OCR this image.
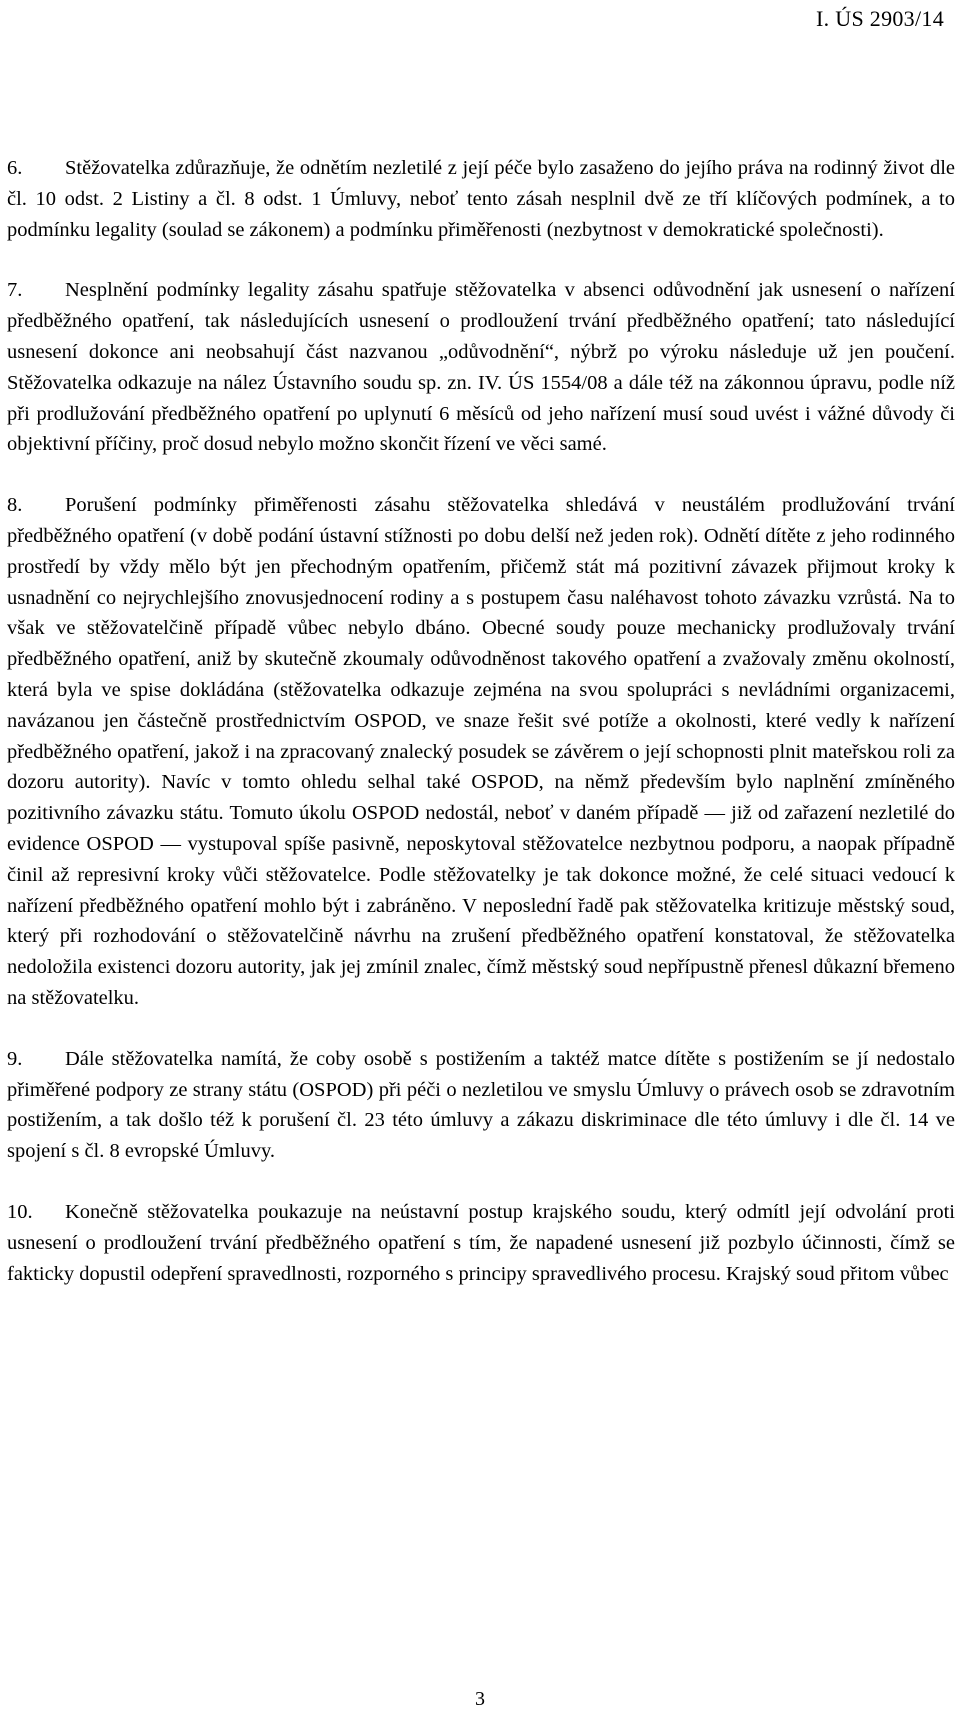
I. ÚS 2903/14

6. Stěžovatelka zdůrazňuje, že odnětím nezletilé z její péče bylo zasaženo do jejího práva na rodinný život dle čl. 10 odst. 2 Listiny a čl. 8 odst. 1 Úmluvy, neboť tento zásah nesplnil dvě ze tří klíčových podmínek, a to podmínku legality (soulad se zákonem) a podmínku přiměřenosti (nezbytnost v demokratické společnosti).

7. Nesplnění podmínky legality zásahu spatřuje stěžovatelka v absenci odůvodnění jak usnesení o nařízení předběžného opatření, tak následujících usnesení o prodloužení trvání předběžného opatření; tato následující usnesení dokonce ani neobsahují část nazvanou „odůvodnění“, nýbrž po výroku následuje už jen poučení. Stěžovatelka odkazuje na nález Ústavního soudu sp. zn. IV. ÚS 1554/08 a dále též na zákonnou úpravu, podle níž při prodlužování předběžného opatření po uplynutí 6 měsíců od jeho nařízení musí soud uvést i vážné důvody či objektivní příčiny, proč dosud nebylo možno skončit řízení ve věci samé.

8. Porušení podmínky přiměřenosti zásahu stěžovatelka shledává v neustálém prodlužování trvání předběžného opatření (v době podání ústavní stížnosti po dobu delší než jeden rok). Odnětí dítěte z jeho rodinného prostředí by vždy mělo být jen přechodným opatřením, přičemž stát má pozitivní závazek přijmout kroky k usnadnění co nejrychlejšího znovusjednocení rodiny a s postupem času naléhavost tohoto závazku vzrůstá. Na to však ve stěžovatelčině případě vůbec nebylo dbáno. Obecné soudy pouze mechanicky prodlužovaly trvání předběžného opatření, aniž by skutečně zkoumaly odůvodněnost takového opatření a zvažovaly změnu okolností, která byla ve spise dokládána (stěžovatelka odkazuje zejména na svou spolupráci s nevládními organizacemi, navázanou jen částečně prostřednictvím OSPOD, ve snaze řešit své potíže a okolnosti, které vedly k nařízení předběžného opatření, jakož i na zpracovaný znalecký posudek se závěrem o její schopnosti plnit mateřskou roli za dozoru autority). Navíc v tomto ohledu selhal také OSPOD, na němž především bylo naplnění zmíněného pozitivního závazku státu. Tomuto úkolu OSPOD nedostál, neboť v daném případě — již od zařazení nezletilé do evidence OSPOD — vystupoval spíše pasivně, neposkytoval stěžovatelce nezbytnou podporu, a naopak případně činil až represivní kroky vůči stěžovatelce. Podle stěžovatelky je tak dokonce možné, že celé situaci vedoucí k nařízení předběžného opatření mohlo být i zabráněno. V neposlední řadě pak stěžovatelka kritizuje městský soud, který při rozhodování o stěžovatelčině návrhu na zrušení předběžného opatření konstatoval, že stěžovatelka nedoložila existenci dozoru autority, jak jej zmínil znalec, čímž městský soud nepřípustně přenesl důkazní břemeno na stěžovatelku.

9. Dále stěžovatelka namítá, že coby osobě s postižením a taktéž matce dítěte s postižením se jí nedostalo přiměřené podpory ze strany státu (OSPOD) při péči o nezletilou ve smyslu Úmluvy o právech osob se zdravotním postižením, a tak došlo též k porušení čl. 23 této úmluvy a zákazu diskriminace dle této úmluvy i dle čl. 14 ve spojení s čl. 8 evropské Úmluvy.

10. Konečně stěžovatelka poukazuje na neústavní postup krajského soudu, který odmítl její odvolání proti usnesení o prodloužení trvání předběžného opatření s tím, že napadené usnesení již pozbylo účinnosti, čímž se fakticky dopustil odepření spravedlnosti, rozporného s principy spravedlivého procesu. Krajský soud přitom vůbec

3
